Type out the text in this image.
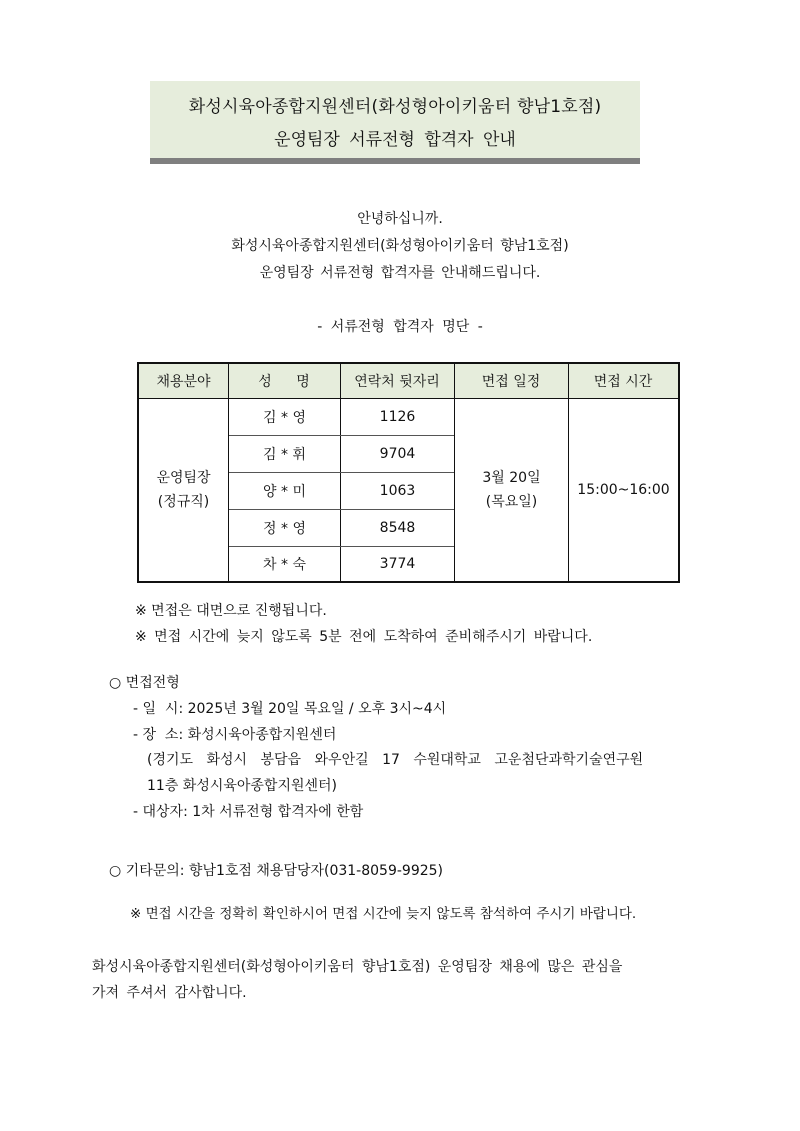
화성시육아종합지원센터(화성형아이키움터 향남1호점)
운영팀장 서류전형 합격자 안내
안녕하십니까.
화성시육아종합지원센터(화성형아이키움터 향남1호점)
운영팀장 서류전형 합격자를 안내해드립니다.
- 서류전형 합격자 명단 -
채용분야	성 명	연락처 뒷자리	면접 일정	면접 시간
운영팀장
(정규직)
김 * 영	1126
김 * 휘	9704
양 * 미	1063
정 * 영	8548
차 * 숙	3774
3월 20일
(목요일)
15:00~16:00
※ 면접은 대면으로 진행됩니다.
※ 면접 시간에 늦지 않도록 5분 전에 도착하여 준비해주시기 바랍니다.
○ 면접전형
- 일  시: 2025년 3월 20일 목요일 / 오후 3시~4시
- 장  소: 화성시육아종합지원센터
(경기도 화성시 봉담읍 와우안길 17 수원대학교 고운첨단과학기술연구원
11층 화성시육아종합지원센터)
- 대상자: 1차 서류전형 합격자에 한함
○ 기타문의: 향남1호점 채용담당자(031-8059-9925)
※ 면접 시간을 정확히 확인하시어 면접 시간에 늦지 않도록 참석하여 주시기 바랍니다.
화성시육아종합지원센터(화성형아이키움터 향남1호점) 운영팀장 채용에 많은 관심을
가져 주셔서 감사합니다.
